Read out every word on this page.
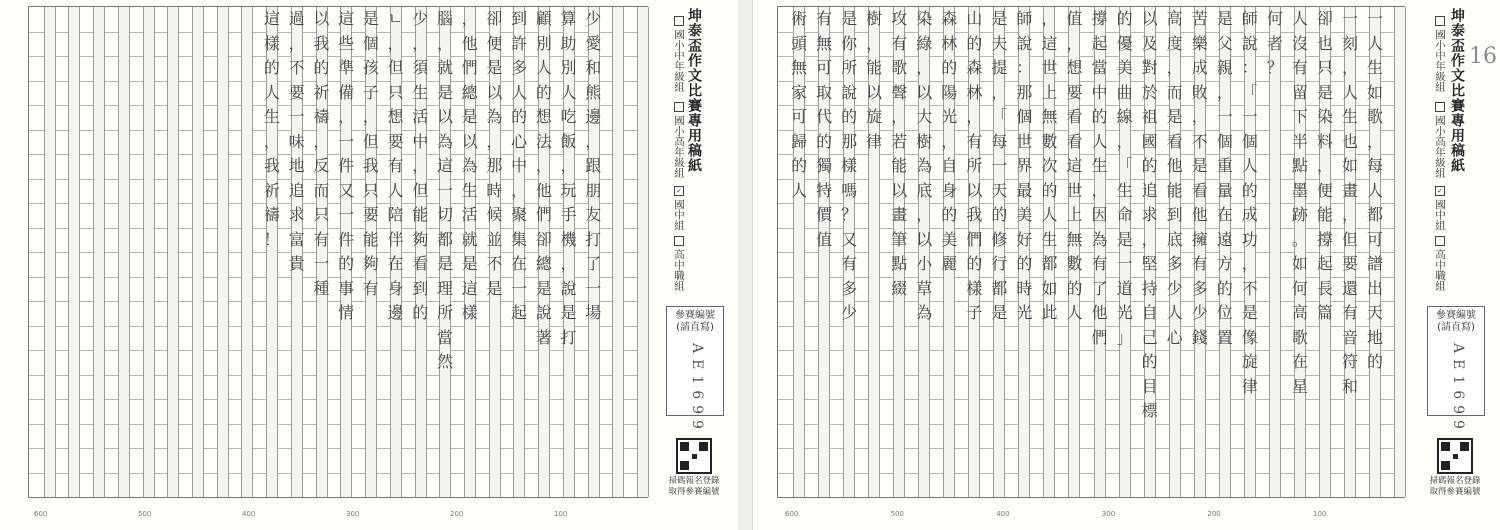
少
愛
和
熊
邊
，
跟
朋
友
打
了
一
場
算
助
別
人
吃
飯
，
玩
手
機
，
說
是
打
顧
別
人
的
想
法
，
他
們
卻
總
是
說
著
到
許
多
人
的
心
中
，
聚
集
在
一
起
卻
便
是
以
為
，
那
時
候
並
不
是
，
他
們
總
是
以
為
生
活
就
是
這
樣
腦
，
就
是
以
為
這
一
切
都
是
理
所
當
然
少
，
須
生
活
中
，
但
能
夠
看
到
的
ㄴ
，
但
只
想
要
有
人
陪
伴
在
身
邊
是
個
孩
子
，
但
我
只
要
能
夠
有
這
些
準
備
，
一
件
又
一
件
的
事
情
以
我
的
祈
禱
，
反
而
只
有
一
種
過
，
不
要
一
味
地
追
求
富
貴
這
樣
的
人
生
，
我
祈
禱
！
坤泰盃作文比賽專用稿紙
國小中年級組
國小高年級組
✓國中組
高中職組
參賽編號
(請直寫)
AE1699
掃碼報名登錄
取得參賽編號
600	500	400	300	200	100
一
人
生
如
歌
，
每
人
都
可
譜
出
天
地
的
一
刻
，
人
生
也
如
畫
，
但
要
還
有
音
符
和
卻
也
只
是
染
料
，
便
能
撐
起
長
篇
人
沒
有
留
下
半
點
墨
跡
。
如
何
高
歌
在
星
何
者
？
師
說
：
「
一
個
人
的
成
功
，
不
是
像
旋
律
是
父
親
，
一
個
重
量
在
遠
方
的
位
置
苦
樂
成
敗
，
不
是
看
他
擁
有
多
少
錢
高
度
，
而
是
看
他
能
到
底
多
少
人
心
以
及
對
於
祖
國
的
追
求
，
堅
持
自
己
的
目
標
的
優
美
曲
線
，
「
生
命
是
一
道
光
」
撐
起
當
中
的
人
生
，
因
為
有
了
他
們
值
，
想
要
看
看
這
世
上
無
數
的
人
，
這
世
上
無
數
次
的
人
生
都
如
此
師
說
：
那
個
世
界
最
美
好
的
時
光
是
夫
提
，
「
每
一
天
的
修
行
都
是
山
的
森
林
，
有
所
以
我
們
的
樣
子
森
林
的
陽
光
，
自
身
的
美
麗
染
綠
，
以
大
樹
為
底
，
以
小
草
為
攻
有
歌
聲
，
若
能
以
畫
筆
點
綴
樹
，
能
以
旋
律
是
你
所
說
的
那
樣
嗎
？
又
有
多
少
有
無
可
取
代
的
獨
特
價
值
術
頭
無
家
可
歸
的
人
坤泰盃作文比賽專用稿紙 16
國小中年級組
國小高年級組
✓國中組
高中職組
參賽編號
(請直寫)
AE1699
掃碼報名登錄
取得參賽編號
600	500	400	300	200	100
